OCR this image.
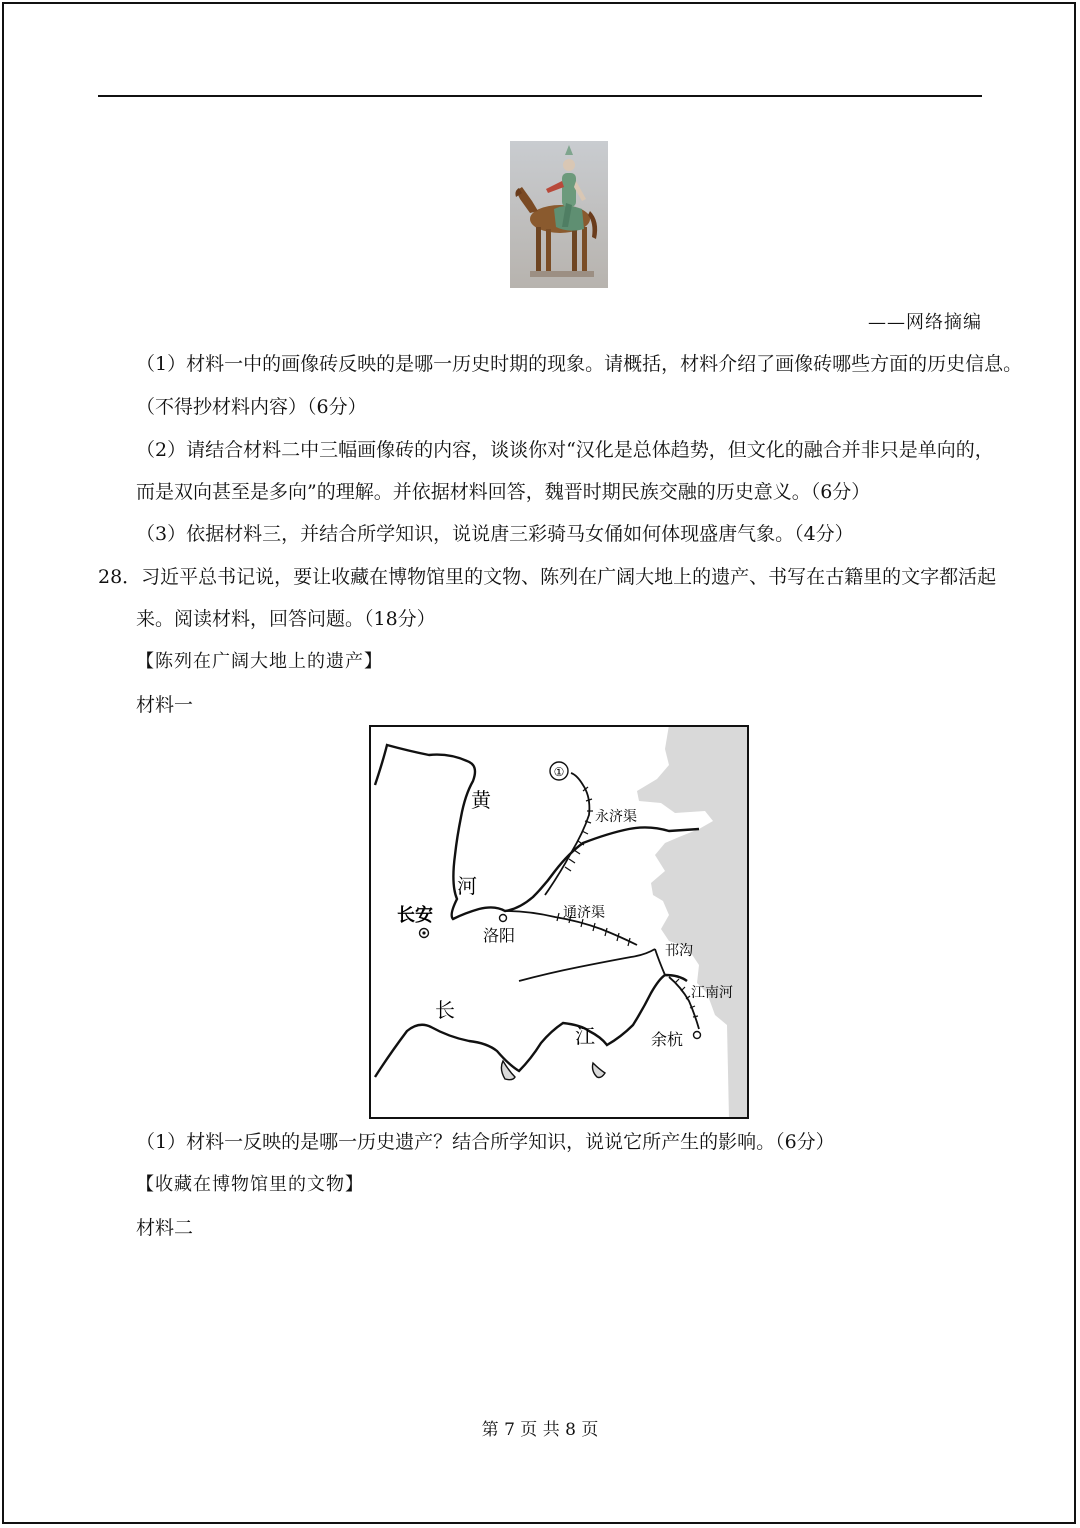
——网络摘编
（1）材料一中的画像砖反映的是哪一历史时期的现象。请概括，材料介绍了画像砖哪些方面的历史信息。
（不得抄材料内容）（6分）
（2）请结合材料二中三幅画像砖的内容，谈谈你对“汉化是总体趋势，但文化的融合并非只是单向的，
而是双向甚至是多向”的理解。并依据材料回答，魏晋时期民族交融的历史意义。（6分）
（3）依据材料三，并结合所学知识，说说唐三彩骑马女俑如何体现盛唐气象。（4分）
28．习近平总书记说，要让收藏在博物馆里的文物、陈列在广阔大地上的遗产、书写在古籍里的文字都活起
来。阅读材料，回答问题。（18分）
【陈列在广阔大地上的遗产】
材料一
①
黄
河
永济渠
通济渠
长安
洛阳
邗沟
江南河
长
江	余杭
（1）材料一反映的是哪一历史遗产？结合所学知识，说说它所产生的影响。（6分）
【收藏在博物馆里的文物】
材料二
第 7 页 共 8 页
